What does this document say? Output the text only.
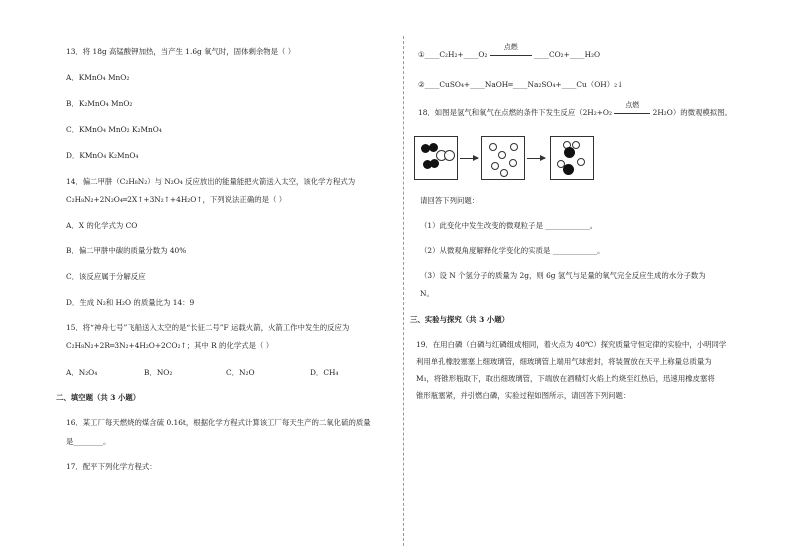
13．将 18g 高锰酸钾加热，当产生 1.6g 氧气时，固体剩余物是（ ）
A．KMnO₄ MnO₂
B．K₂MnO₄ MnO₂
C．KMnO₄ MnO₂ K₂MnO₄
D．KMnO₄ K₂MnO₄
14．偏二甲肼（C₂H₈N₂）与 N₂O₄ 反应放出的能量能把火箭送入太空，该化学方程式为
C₂H₈N₂+2N₂O₄═2X↑+3N₂↑+4H₂O↑，下列说法正确的是（ ）
A．X 的化学式为 CO
B．偏二甲肼中碳的质量分数为 40%
C．该反应属于分解反应
D．生成 N₂和 H₂O 的质量比为 14：9
15．将“神舟七号”飞船送入太空的是“长征二号”F 运载火箭，火箭工作中发生的反应为
C₂H₈N₂+2R═3N₂+4H₂O+2CO₂↑；其中 R 的化学式是（ ）
A．N₂O₄	B．NO₂	C．N₂O	D．CH₄
二、填空题（共 3 小题）
16．某工厂每天燃烧的煤含硫 0.16t，根据化学方程式计算该工厂每天生产的二氧化硫的质量
是________。
17．配平下列化学方程式：
①____C₂H₂+____O₂
点燃
____CO₂+____H₂O
②____CuSO₄+____NaOH═____Na₂SO₄+____Cu（OH）₂↓
18．如图是氢气和氧气在点燃的条件下发生反应（2H₂+O₂
点燃
2H₂O）的微观模拟图。
请回答下列问题：
（1）此变化中发生改变的微观粒子是 ____________。
（2）从微观角度解释化学变化的实质是 ____________。
（3）设 N 个氢分子的质量为 2g，则 6g 氢气与足量的氧气完全反应生成的水分子数为
N。
三、实验与探究（共 3 小题）
19．在用白磷（白磷与红磷组成相同，着火点为 40℃）探究质量守恒定律的实验中，小明同学
利用单孔橡胶塞塞上细玻璃管，细玻璃管上端用气球密封，将装置放在天平上称量总质量为
M₁，将锥形瓶取下，取出细玻璃管，下端放在酒精灯火焰上灼烧至红热后，迅速用橡皮塞将
锥形瓶塞紧，并引燃白磷，实验过程如图所示，请回答下列问题：
